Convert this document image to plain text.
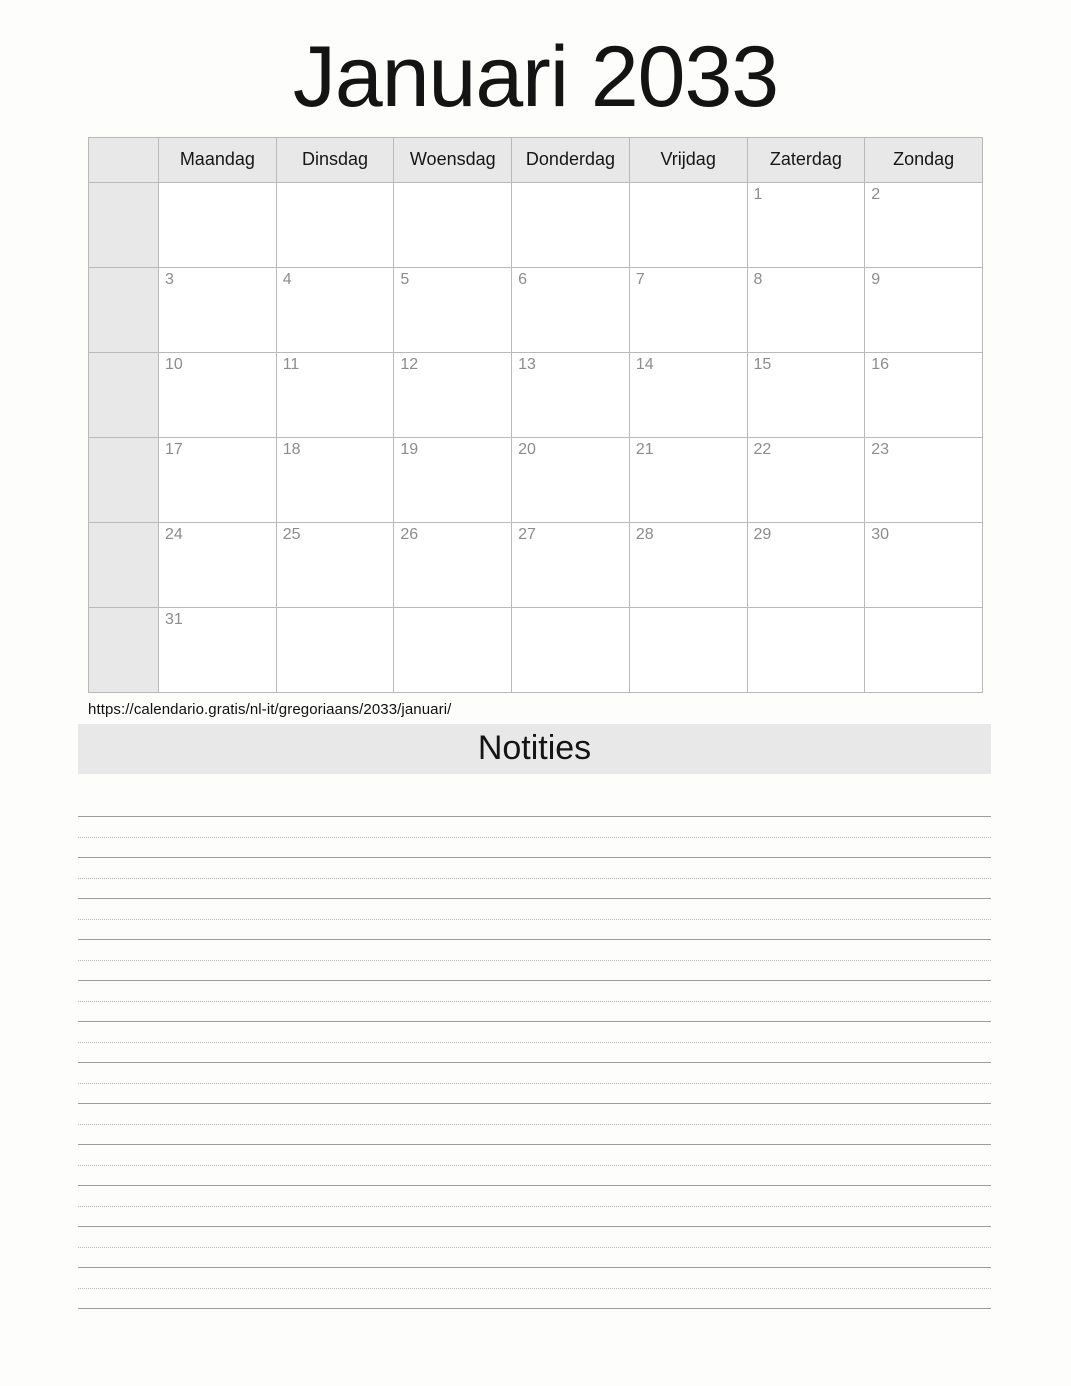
Januari 2033
	Maandag	Dinsdag	Woensdag	Donderdag	Vrijdag	Zaterdag	Zondag

						1	2

	3	4	5	6	7	8	9

	10	11	12	13	14	15	16

	17	18	19	20	21	22	23

	24	25	26	27	28	29	30

	31						

https://calendario.gratis/nl-it/gregoriaans/2033/januari/
Notities
